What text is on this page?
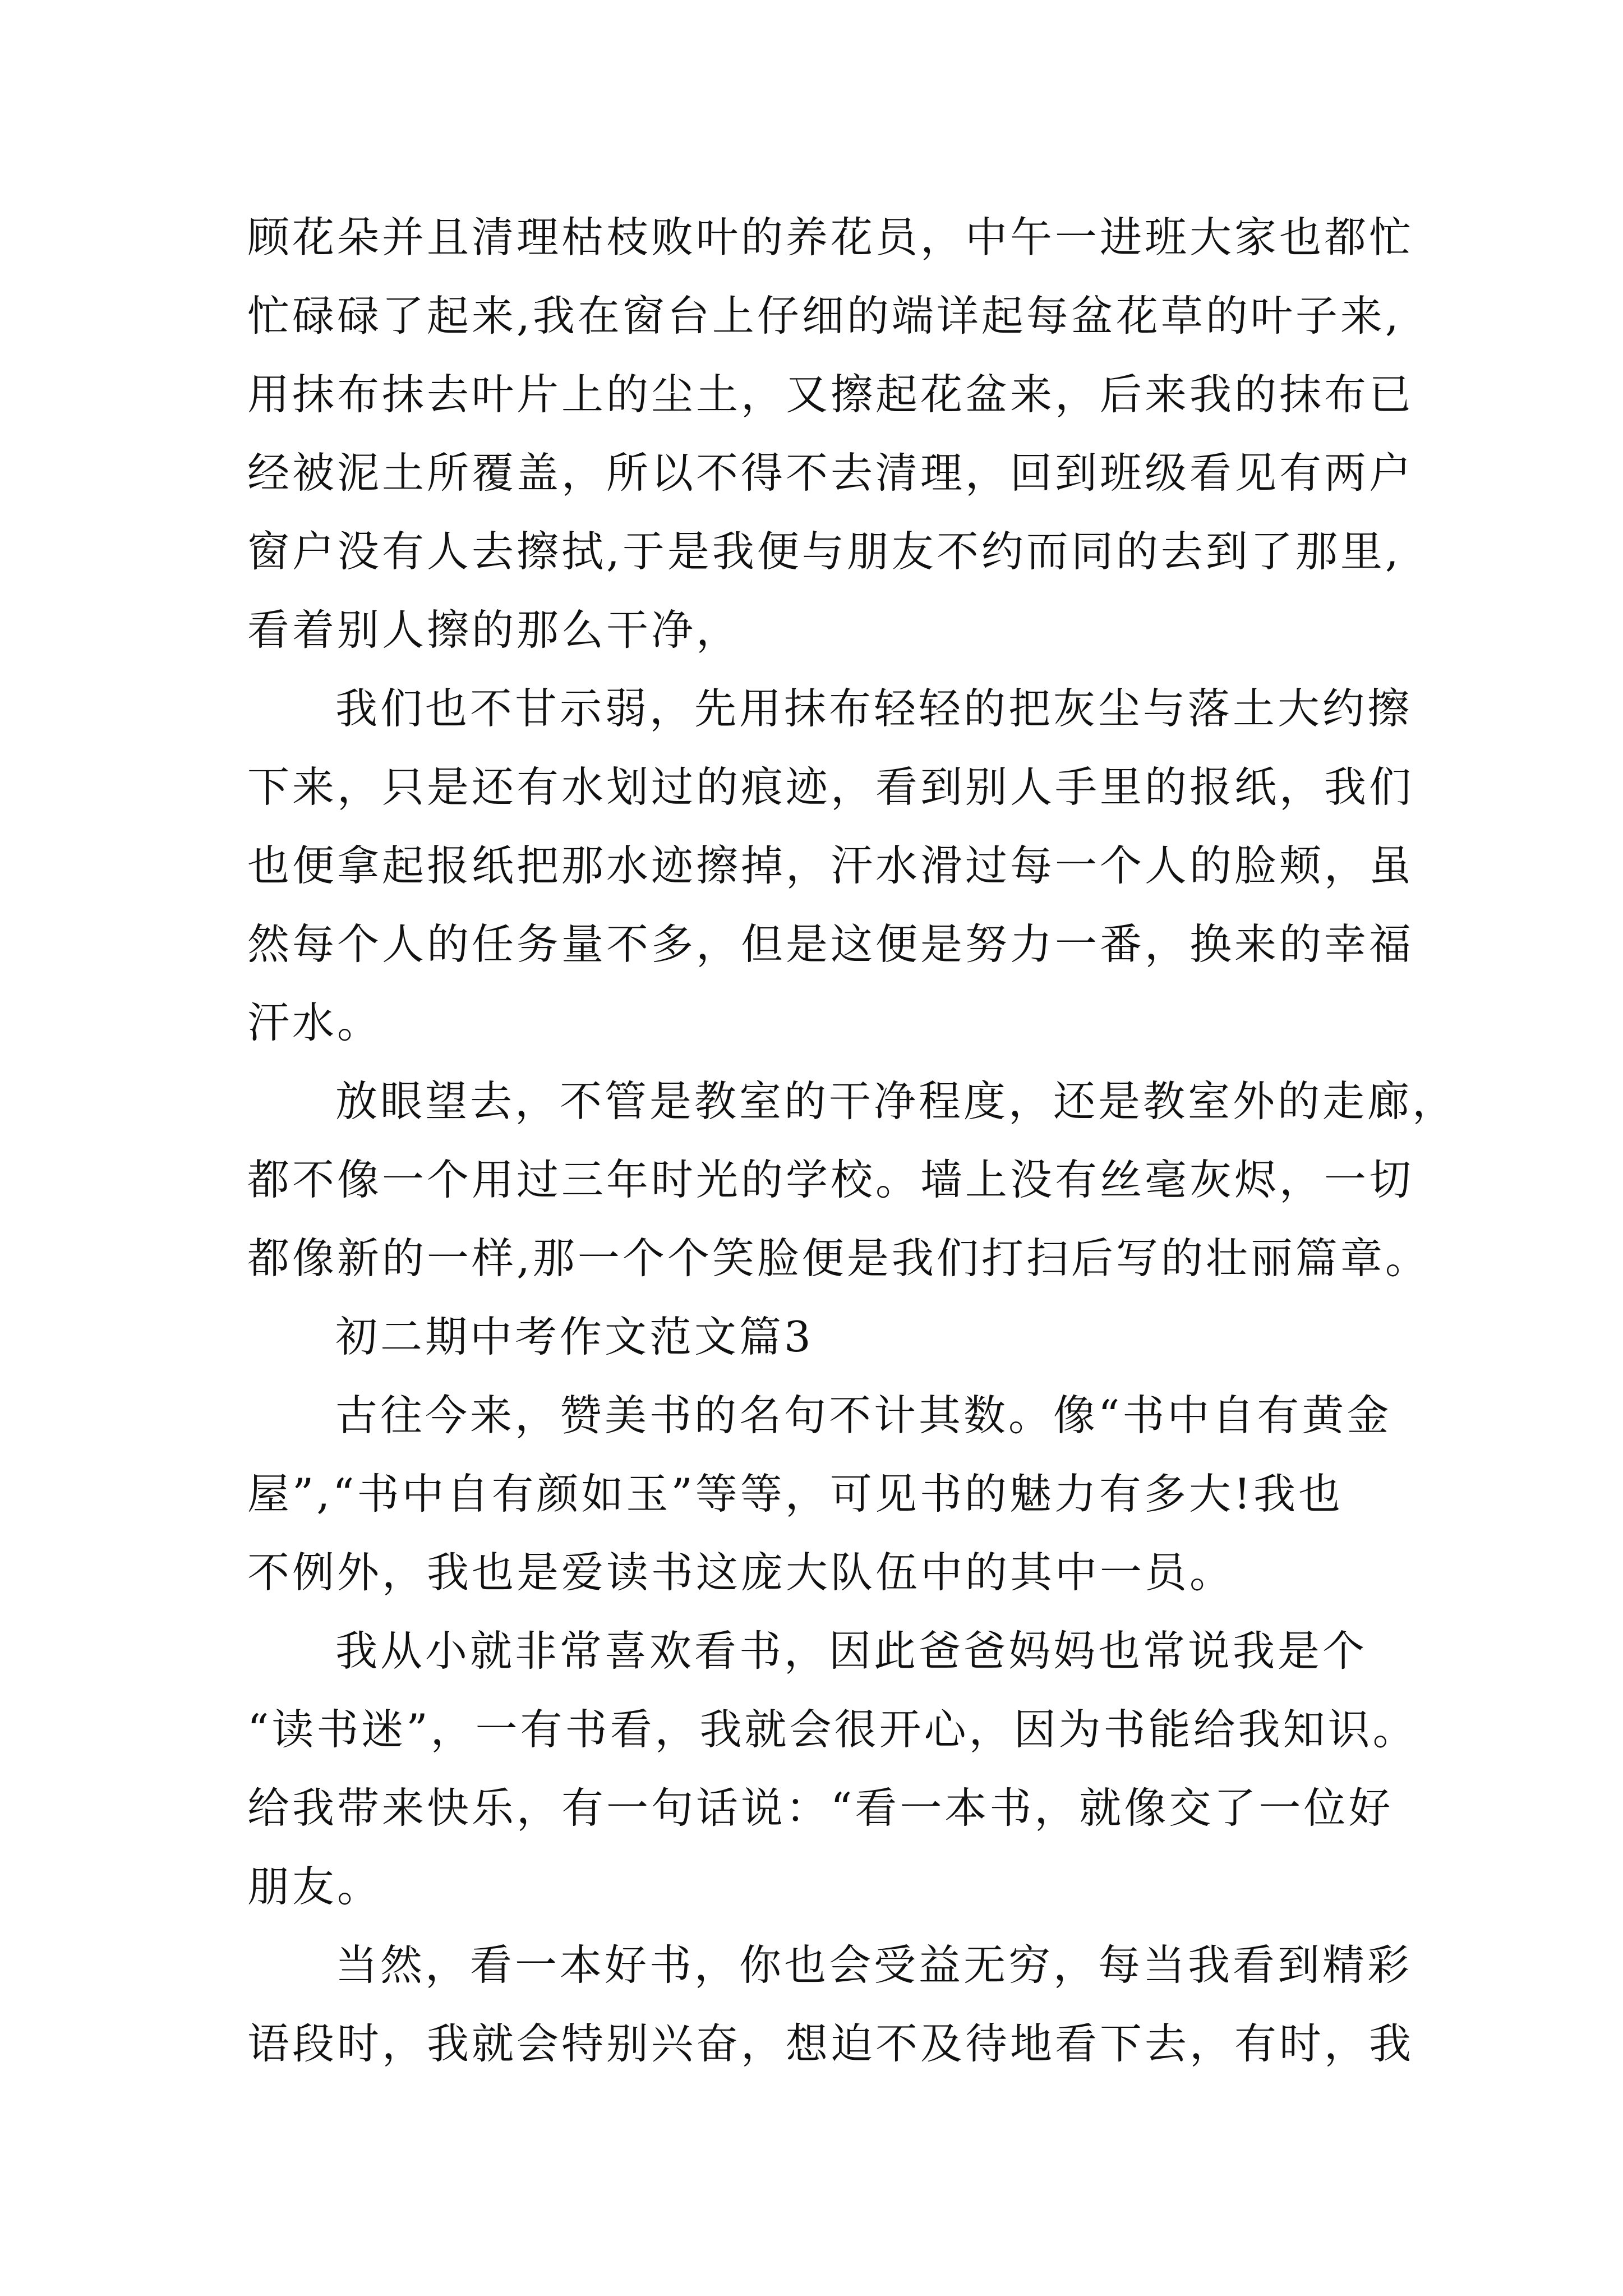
顾花朵并且清理枯枝败叶的养花员，中午一进班大家也都忙
忙碌碌了起来,我在窗台上仔细的端详起每盆花草的叶子来,
用抹布抹去叶片上的尘土，又擦起花盆来，后来我的抹布已
经被泥土所覆盖，所以不得不去清理，回到班级看见有两户
窗户没有人去擦拭,于是我便与朋友不约而同的去到了那里,
看着别人擦的那么干净，
我们也不甘示弱，先用抹布轻轻的把灰尘与落土大约擦
下来，只是还有水划过的痕迹，看到别人手里的报纸，我们
也便拿起报纸把那水迹擦掉，汗水滑过每一个人的脸颊，虽
然每个人的任务量不多，但是这便是努力一番，换来的幸福
汗水。
放眼望去，不管是教室的干净程度，还是教室外的走廊，
都不像一个用过三年时光的学校。墙上没有丝毫灰烬，一切
都像新的一样,那一个个笑脸便是我们打扫后写的壮丽篇章。
初二期中考作文范文篇3
古往今来，赞美书的名句不计其数。像“书中自有黄金
屋”,“书中自有颜如玉”等等，可见书的魅力有多大!我也
不例外，我也是爱读书这庞大队伍中的其中一员。
我从小就非常喜欢看书，因此爸爸妈妈也常说我是个
“读书迷”，一有书看，我就会很开心，因为书能给我知识。
给我带来快乐，有一句话说：“看一本书，就像交了一位好
朋友。
当然，看一本好书，你也会受益无穷，每当我看到精彩
语段时，我就会特别兴奋，想迫不及待地看下去，有时，我
